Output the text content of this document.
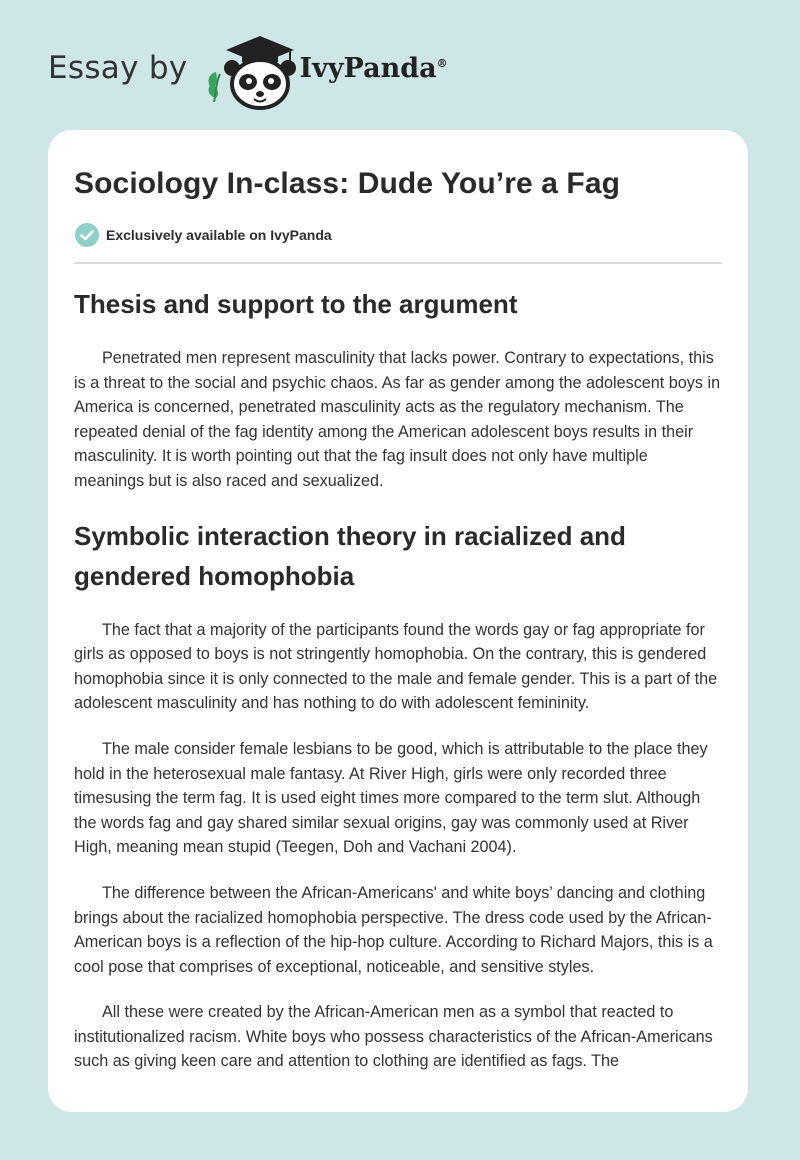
Essay by	IvyPanda®
Sociology In-class: Dude You’re a Fag
Exclusively available on IvyPanda
Thesis and support to the argument

Penetrated men represent masculinity that lacks power. Contrary to expectations, this is a threat to the social and psychic chaos. As far as gender among the adolescent boys in America is concerned, penetrated masculinity acts as the regulatory mechanism. The repeated denial of the fag identity among the American adolescent boys results in their masculinity. It is worth pointing out that the fag insult does not only have multiple meanings but is also raced and sexualized.

Symbolic interaction theory in racialized and gendered homophobia

The fact that a majority of the participants found the words gay or fag appropriate for girls as opposed to boys is not stringently homophobia. On the contrary, this is gendered homophobia since it is only connected to the male and female gender. This is a part of the adolescent masculinity and has nothing to do with adolescent femininity.

The male consider female lesbians to be good, which is attributable to the place they hold in the heterosexual male fantasy. At River High, girls were only recorded three timesusing the term fag. It is used eight times more compared to the term slut. Although the words fag and gay shared similar sexual origins, gay was commonly used at River High, meaning mean stupid (Teegen, Doh and Vachani 2004).

The difference between the African-Americans' and white boys’ dancing and clothing brings about the racialized homophobia perspective. The dress code used by the African-American boys is a reflection of the hip-hop culture. According to Richard Majors, this is a cool pose that comprises of exceptional, noticeable, and sensitive styles.

All these were created by the African-American men as a symbol that reacted to institutionalized racism. White boys who possess characteristics of the African-Americans such as giving keen care and attention to clothing are identified as fags. The
